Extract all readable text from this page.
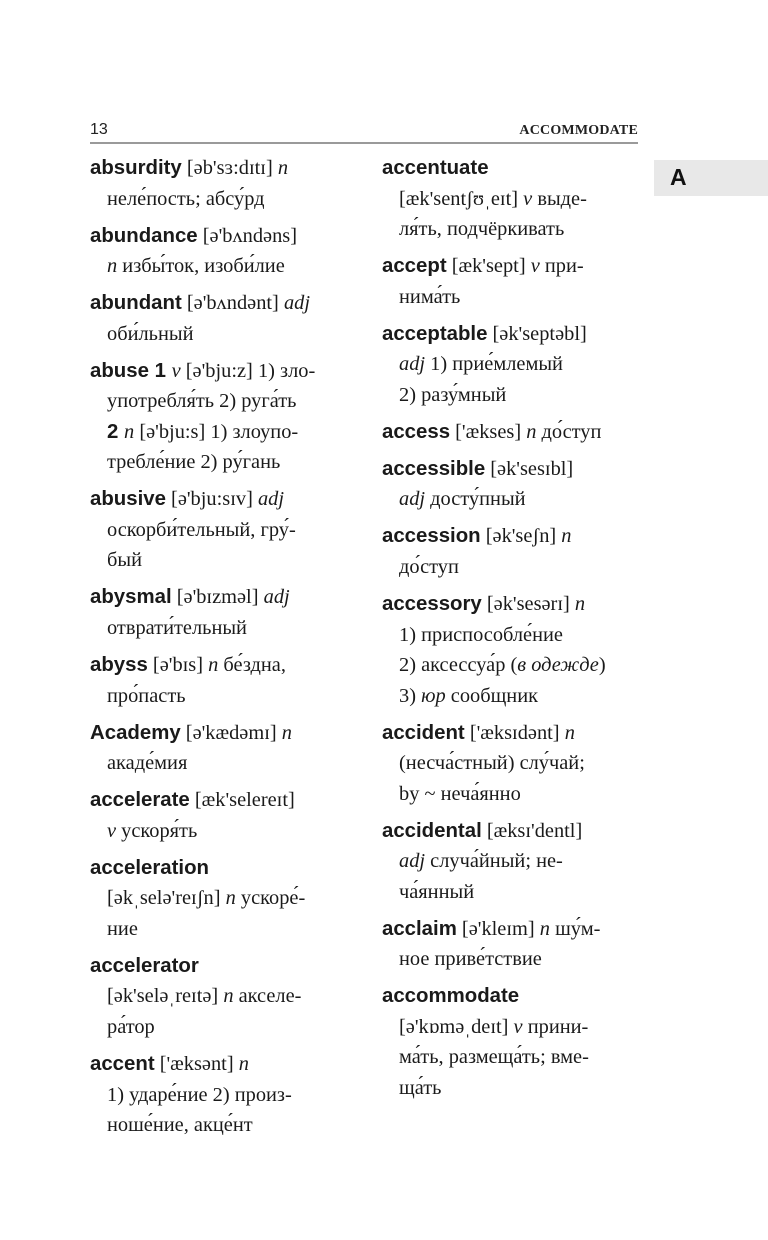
13	ACCOMMODATE
A
absurdity [əb'sɜ:dɪtɪ] n
неле́пость; абсу́рд
abundance [ə'bʌndəns]
n избы́ток, изоби́лие
abundant [ə'bʌndənt] adj
оби́льный
abuse 1 v [ə'bju:z] 1) зло-
употребля́ть 2) руга́ть
2 n [ə'bju:s] 1) злоупо-
требле́ние 2) ру́гань
abusive [ə'bju:sɪv] adj
оскорби́тельный, гру́-
бый
abysmal [ə'bɪzməl] adj
отврати́тельный
abyss [ə'bɪs] n бе́здна,
про́пасть
Academy [ə'kædəmɪ] n
акаде́мия
accelerate [æk'selereɪt]
v ускоря́ть
acceleration
[əkˌselə'reɪʃn] n ускоре́-
ние
accelerator
[ək'seləˌreɪtə] n акселе-
ра́тор
accent ['æksənt] n
1) ударе́ние 2) произ-
ноше́ние, акце́нт
accentuate
[æk'sentʃʊˌeɪt] v выде-
ля́ть, подчёркивать
accept [æk'sept] v при-
нима́ть
acceptable [ək'septəbl]
adj 1) прие́млемый
2) разу́мный
access ['ækses] n до́ступ
accessible [ək'sesɪbl]
adj досту́пный
accession [ək'seʃn] n
до́ступ
accessory [ək'sesərɪ] n
1) приспособле́ние
2) аксессуа́р (в одежде)
3) юр сообщник
accident ['æksɪdənt] n
(несча́стный) слу́чай;
by ~ неча́янно
accidental [æksɪ'dentl]
adj случа́йный; не-
ча́янный
acclaim [ə'kleɪm] n шу́м-
ное приве́тствие
accommodate
[ə'kɒməˌdeɪt] v прини-
ма́ть, размеща́ть; вме-
ща́ть
